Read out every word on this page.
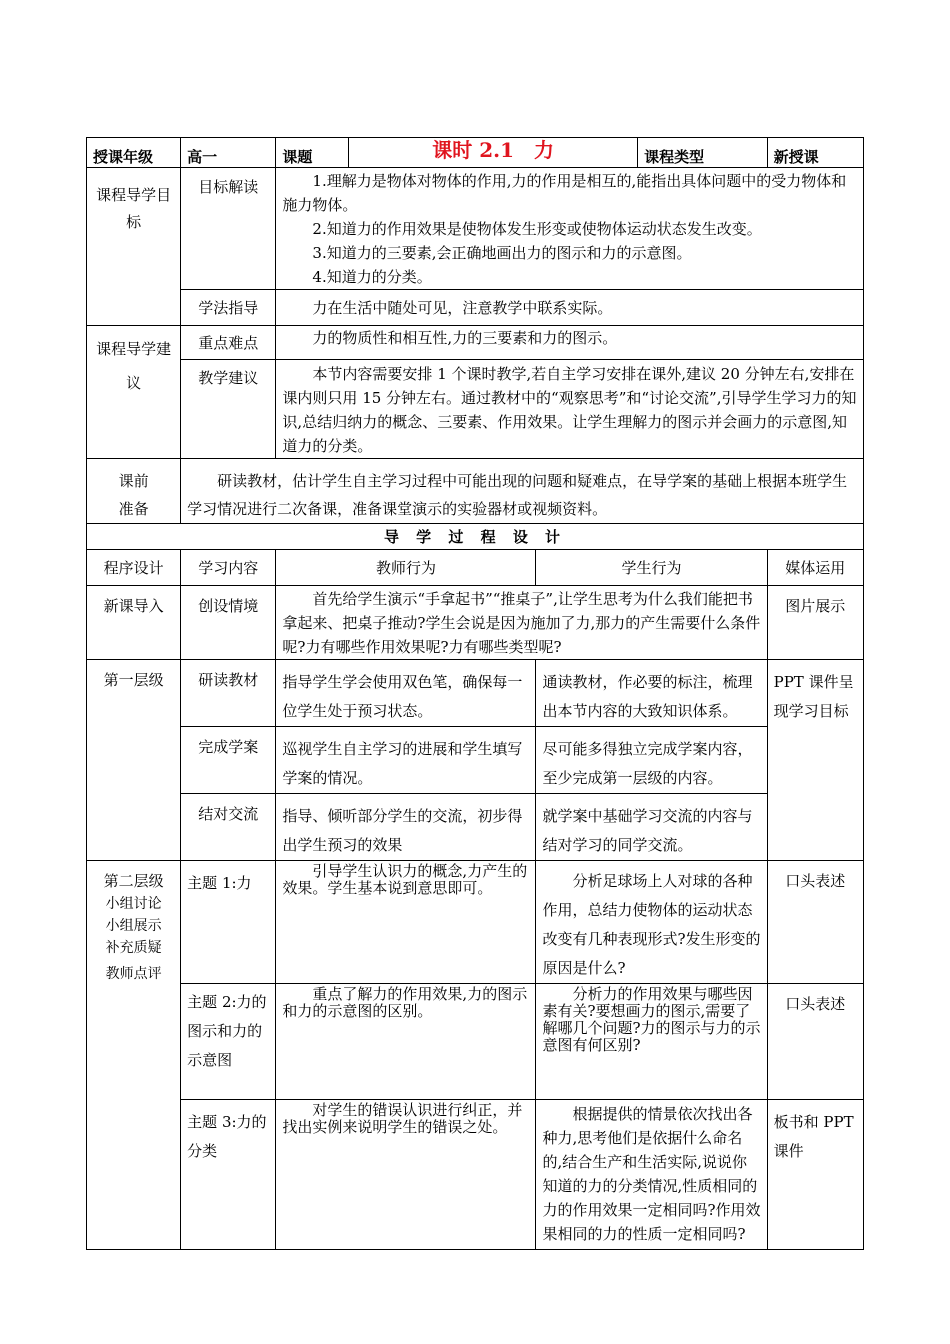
授课年级	高一	课题	课时 2.1　力		课程类型	新授课
课程导学目标	目标解读	1.理解力是物体对物体的作用,力的作用是相互的,能指出具体问题中的受力物体和施力物体。

2.知道力的作用效果是使物体发生形变或使物体运动状态发生改变。

3.知道力的三要素,会正确地画出力的图示和力的示意图。

4.知道力的分类。				

	学法指导	力在生活中随处可见，注意教学中联系实际。				
课程导学建议	重点难点	力的物质性和相互性,力的三要素和力的图示。				
	教学建议	本节内容需要安排 1 个课时教学,若自主学习安排在课外,建议 20 分钟左右,安排在课内则只用 15 分钟左右。通过教材中的“观察思考”和“讨论交流”,引导学生学习力的知识,总结归纳力的概念、三要素、作用效果。让学生理解力的图示并会画力的示意图,知道力的分类。				
课前准备	研读教材，估计学生自主学习过程中可能出现的问题和疑难点，在导学案的基础上根据本班学生学习情况进行二次备课，准备课堂演示的实验器材或视频资料。					
导 学 过 程 设 计						
程序设计	学习内容	教师行为		学生行为		媒体运用
新课导入	创设情境	首先给学生演示“手拿起书”“推桌子”,让学生思考为什么我们能把书拿起来、把桌子推动?学生会说是因为施加了力,那力的产生需要什么条件呢?力有哪些作用效果呢?力有哪些类型呢?				图片展示
第一层级	研读教材	指导学生学会使用双色笔，确保每一位学生处于预习状态。		通读教材，作必要的标注，梳理出本节内容的大致知识体系。		PPT 课件呈现学习目标
	完成学案	巡视学生自主学习的进展和学生填写学案的情况。		尽可能多得独立完成学案内容，至少完成第一层级的内容。		
	结对交流	指导、倾听部分学生的交流，初步得出学生预习的效果		就学案中基础学习交流的内容与结对学习的同学交流。		

第二层级
小组讨论
小组展示
补充质疑
教师点评	主题 1:力	引导学生认识力的概念,力产生的效果。学生基本说到意思即可。		分析足球场上人对球的各种作用，总结力使物体的运动状态改变有几种表现形式?发生形变的原因是什么?		口头表述
	主题 2:力的图示和力的示意图	重点了解力的作用效果,力的图示和力的示意图的区别。		分析力的作用效果与哪些因素有关?要想画力的图示,需要了解哪几个问题?力的图示与力的示意图有何区别?		口头表述
	主题 3:力的分类	对学生的错误认识进行纠正，并找出实例来说明学生的错误之处。		根据提供的情景依次找出各种力,思考他们是依据什么命名的,结合生产和生活实际,说说你知道的力的分类情况,性质相同的力的作用效果一定相同吗?作用效果相同的力的性质一定相同吗?		板书和 PPT 课件
